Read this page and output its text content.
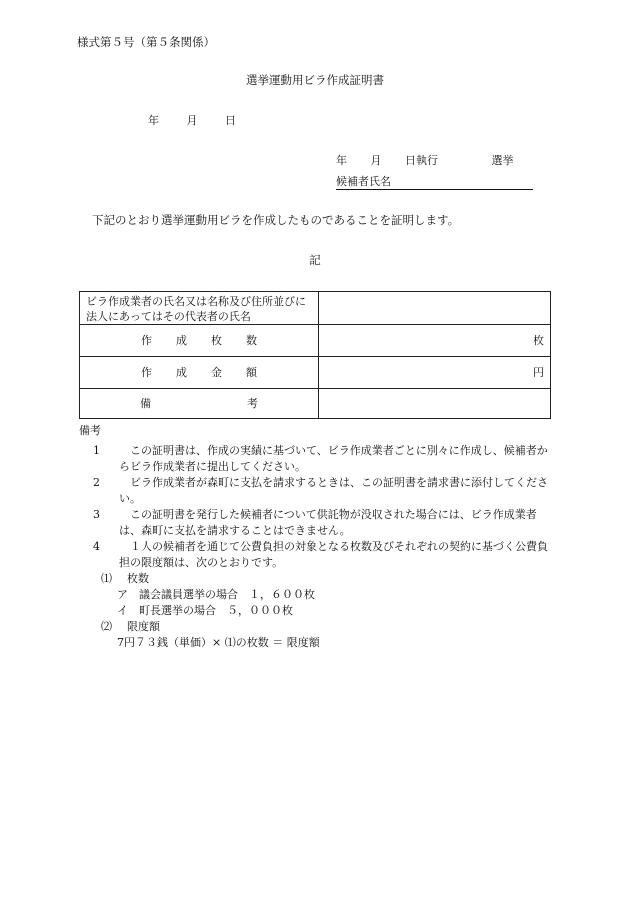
様式第５号（第５条関係）
選挙運動用ビラ作成証明書
年	月	日
年 月 日執行	選挙
候補者氏名
下記のとおり選挙運動用ビラを作成したものであることを証明します。
記
ビラ作成業者の氏名又は名称及び住所並びに法人にあってはその代表者の氏名	
作 成 枚 数	枚
作 成 金 額	円
備 考	
備考
1	この証明書は、作成の実績に基づいて、ビラ作成業者ごとに別々に作成し、候補者からビラ作成業者に提出してください。
2	ビラ作成業者が森町に支払を請求するときは、この証明書を請求書に添付してください。
3	この証明書を発行した候補者について供託物が没収された場合には、ビラ作成業者は、森町に支払を請求することはできません。
4	１人の候補者を通じて公費負担の対象となる枚数及びそれぞれの契約に基づく公費負担の限度額は、次のとおりです。
⑴ 枚数
ア 議会議員選挙の場合　１，６００枚
イ 町長選挙の場合　５，０００枚
⑵ 限度額
7円７３銭（単価）× ⑴の枚数 ＝ 限度額
